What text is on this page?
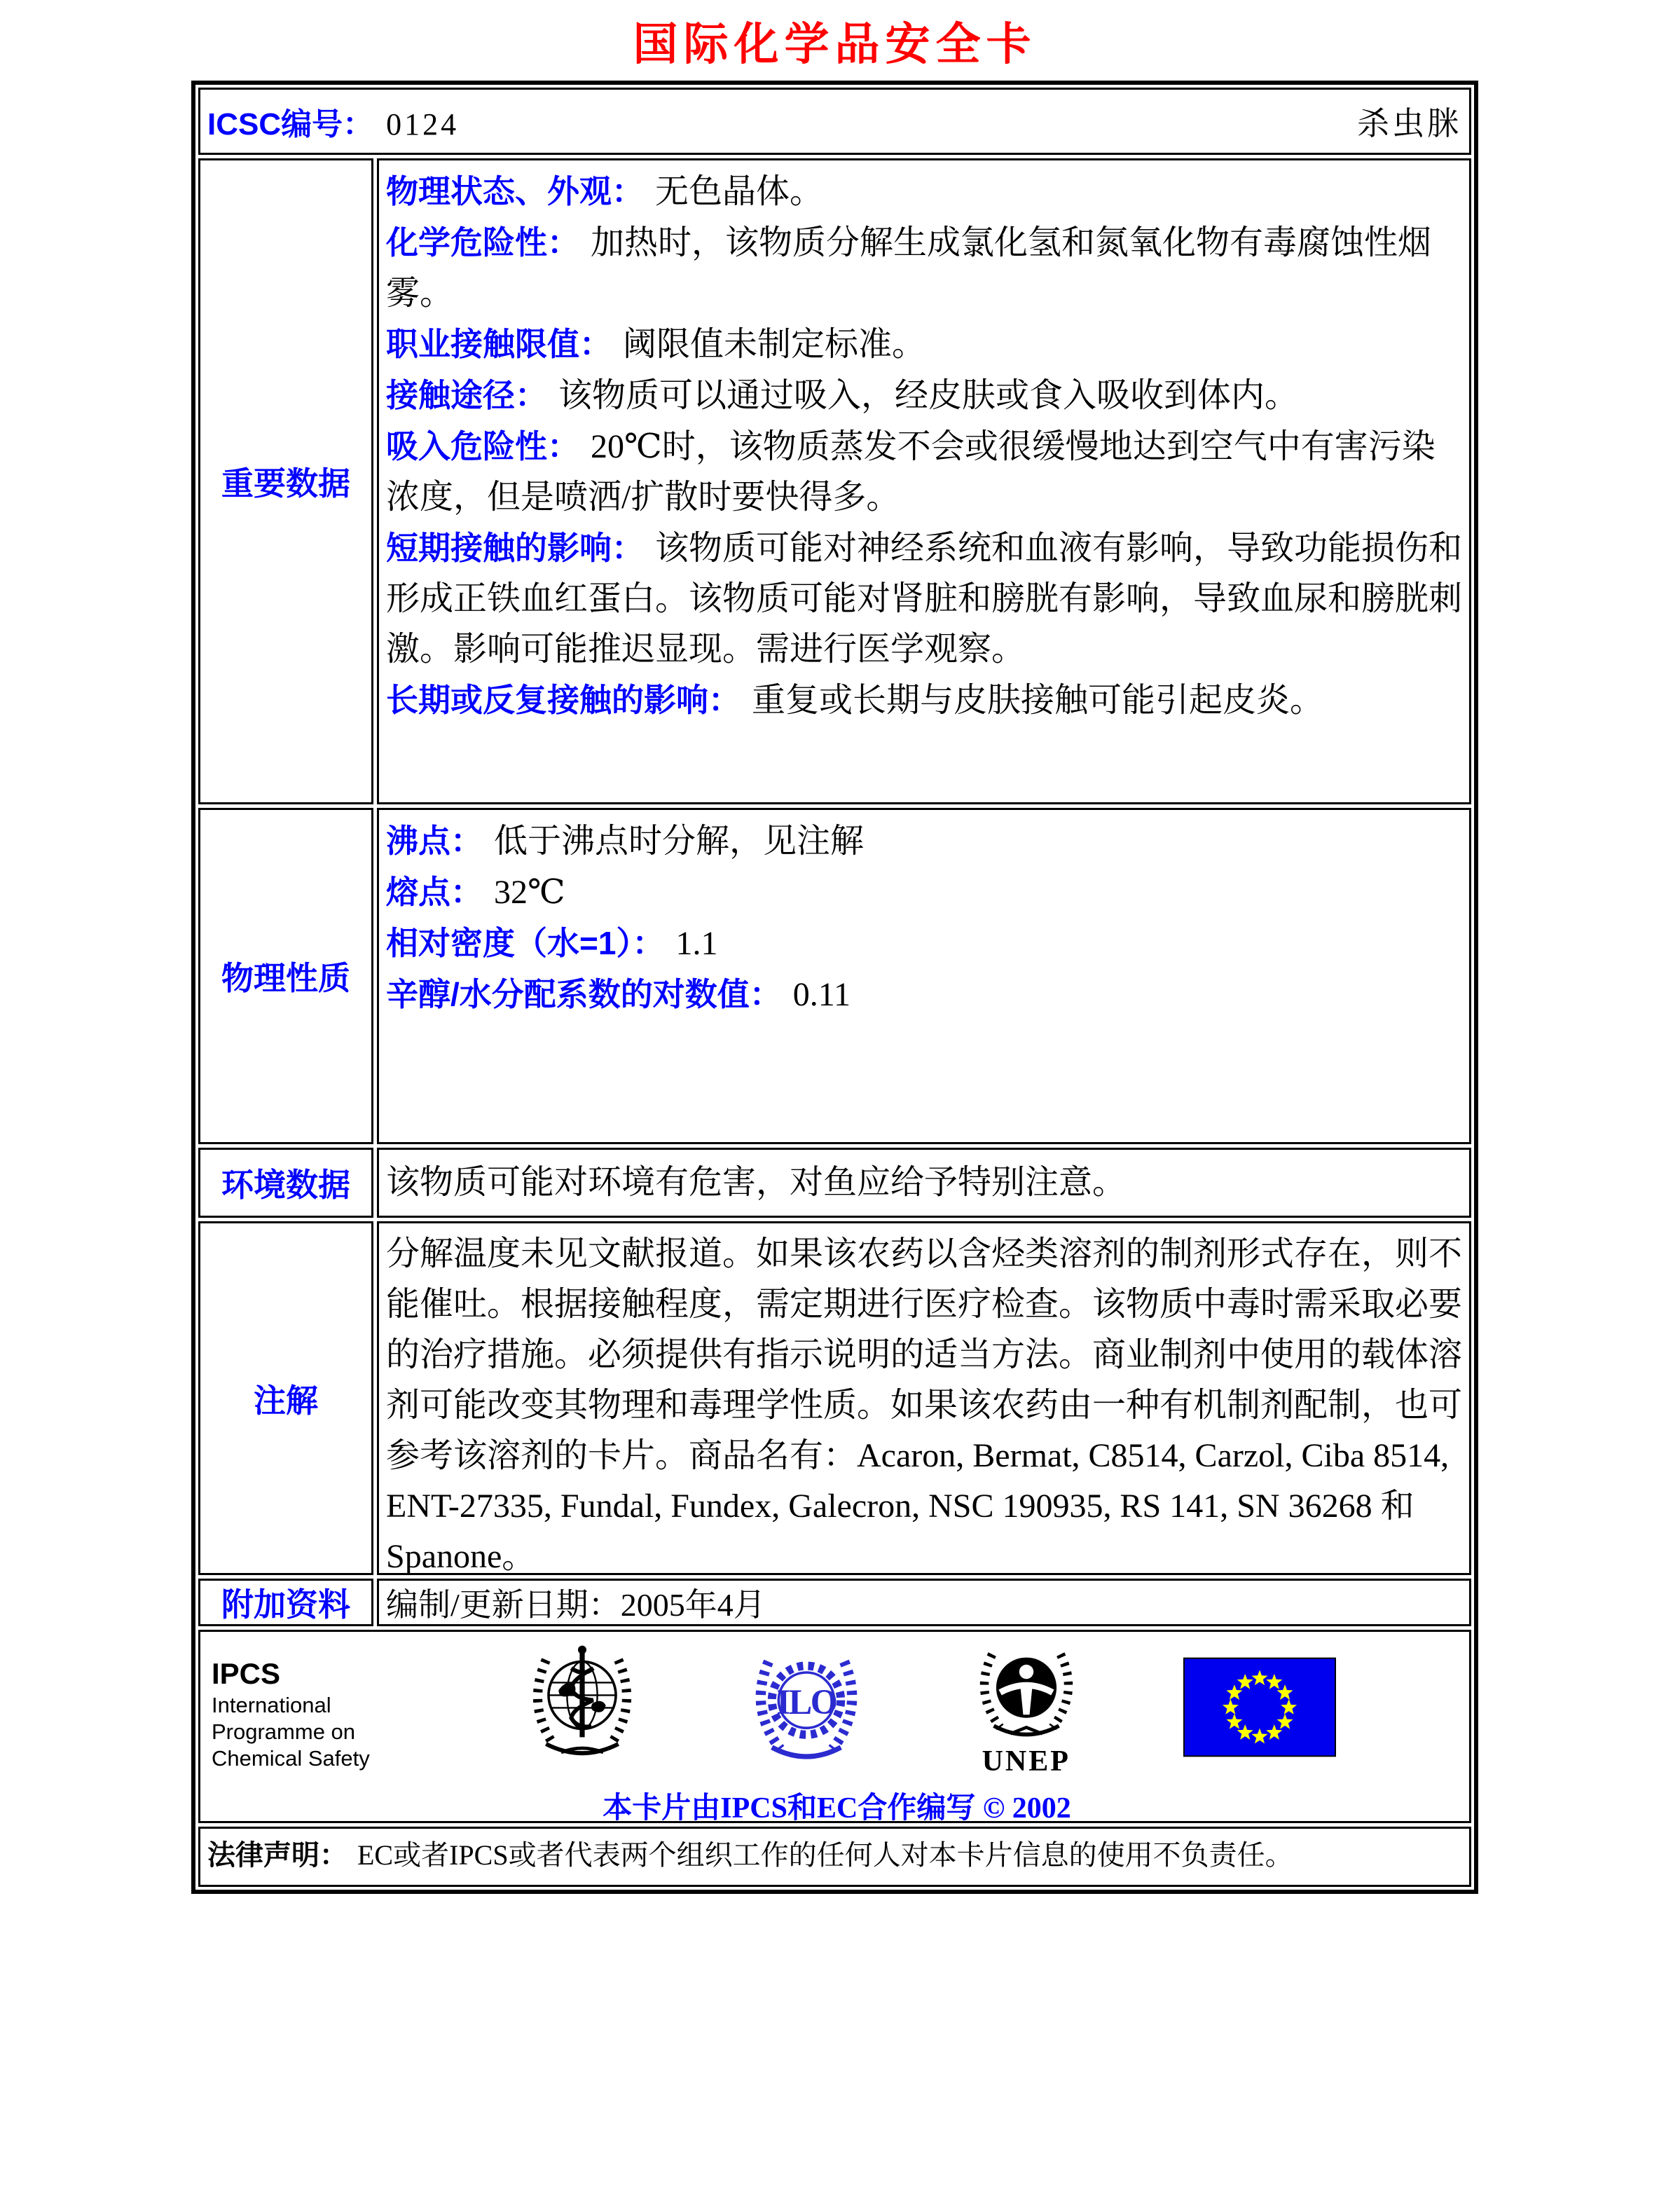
国际化学品安全卡
ICSC编号： 0124	杀虫脒
重要数据
物理状态、外观： 无色晶体。
化学危险性： 加热时，该物质分解生成氯化氢和氮氧化物有毒腐蚀性烟雾。
职业接触限值： 阈限值未制定标准。
接触途径： 该物质可以通过吸入，经皮肤或食入吸收到体内。
吸入危险性： 20℃时，该物质蒸发不会或很缓慢地达到空气中有害污染浓度，但是喷洒/扩散时要快得多。
短期接触的影响： 该物质可能对神经系统和血液有影响，导致功能损伤和形成正铁血红蛋白。该物质可能对肾脏和膀胱有影响，导致血尿和膀胱刺激。影响可能推迟显现。需进行医学观察。
长期或反复接触的影响： 重复或长期与皮肤接触可能引起皮炎。
物理性质
沸点： 低于沸点时分解，见注解
熔点： 32℃
相对密度（水=1）： 1.1
辛醇/水分配系数的对数值： 0.11
环境数据 该物质可能对环境有危害，对鱼应给予特别注意。
注解
分解温度未见文献报道。如果该农药以含烃类溶剂的制剂形式存在，则不能催吐。根据接触程度，需定期进行医疗检查。该物质中毒时需采取必要的治疗措施。必须提供有指示说明的适当方法。商业制剂中使用的载体溶剂可能改变其物理和毒理学性质。如果该农药由一种有机制剂配制，也可参考该溶剂的卡片。商品名有：Acaron, Bermat, C8514, Carzol, Ciba 8514, ENT-27335, Fundal, Fundex, Galecron, NSC 190935, RS 141, SN 36268 和 Spanone。
附加资料 编制/更新日期：2005年4月
IPCS
International
Programme on
Chemical Safety
ILO
UNEP
本卡片由IPCS和EC合作编写 © 2002
法律声明： EC或者IPCS或者代表两个组织工作的任何人对本卡片信息的使用不负责任。
